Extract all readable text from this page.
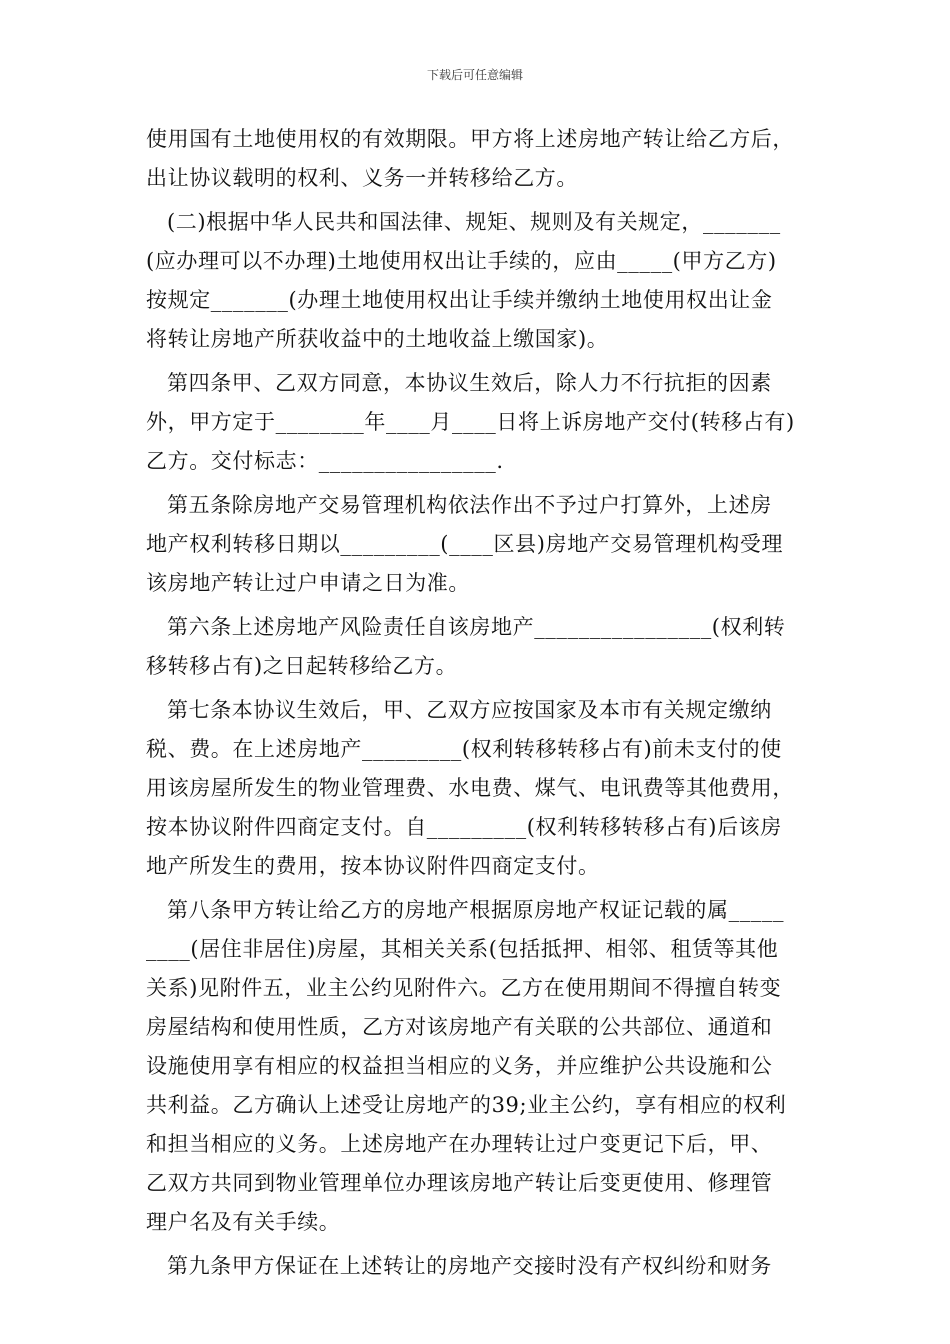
下载后可任意编辑
使用国有土地使用权的有效期限。甲方将上述房地产转让给乙方后，
出让协议载明的权利、义务一并转移给乙方。
(二)根据中华人民共和国法律、规矩、规则及有关规定，_______
(应办理可以不办理)土地使用权出让手续的，应由_____(甲方乙方)
按规定_______(办理土地使用权出让手续并缴纳土地使用权出让金
将转让房地产所获收益中的土地收益上缴国家)。
第四条甲、乙双方同意，本协议生效后，除人力不行抗拒的因素
外，甲方定于________年____月____日将上诉房地产交付(转移占有)
乙方。交付标志：________________.
第五条除房地产交易管理机构依法作出不予过户打算外，上述房
地产权利转移日期以_________(____区县)房地产交易管理机构受理
该房地产转让过户申请之日为准。
第六条上述房地产风险责任自该房地产________________(权利转
移转移占有)之日起转移给乙方。
第七条本协议生效后，甲、乙双方应按国家及本市有关规定缴纳
税、费。在上述房地产_________(权利转移转移占有)前未支付的使
用该房屋所发生的物业管理费、水电费、煤气、电讯费等其他费用，
按本协议附件四商定支付。自_________(权利转移转移占有)后该房
地产所发生的费用，按本协议附件四商定支付。
第八条甲方转让给乙方的房地产根据原房地产权证记载的属_____
____(居住非居住)房屋，其相关关系(包括抵押、相邻、租赁等其他
关系)见附件五，业主公约见附件六。乙方在使用期间不得擅自转变
房屋结构和使用性质，乙方对该房地产有关联的公共部位、通道和
设施使用享有相应的权益担当相应的义务，并应维护公共设施和公
共利益。乙方确认上述受让房地产的39;业主公约，享有相应的权利
和担当相应的义务。上述房地产在办理转让过户变更记下后，甲、
乙双方共同到物业管理单位办理该房地产转让后变更使用、修理管
理户名及有关手续。
第九条甲方保证在上述转让的房地产交接时没有产权纠纷和财务
